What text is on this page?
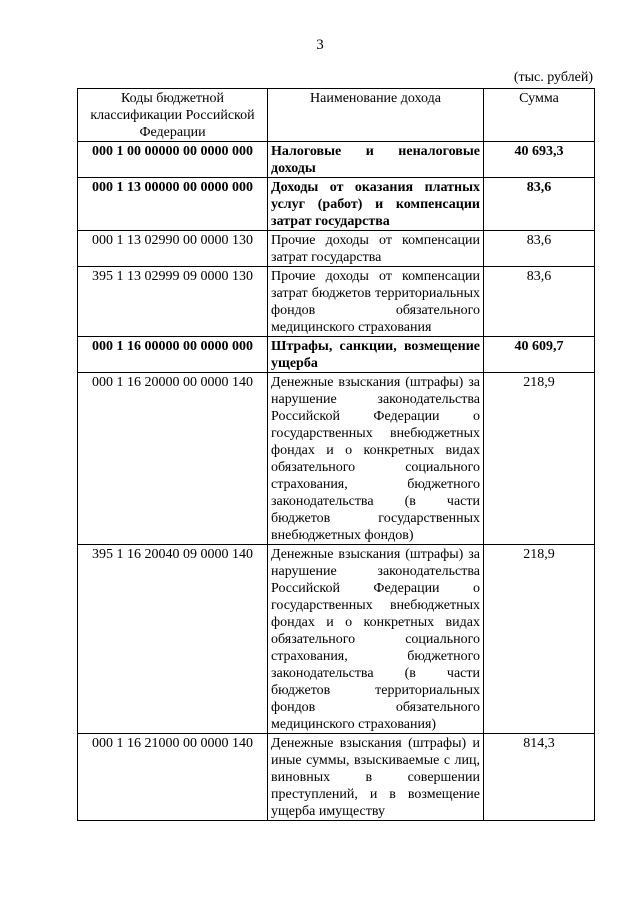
3
(тыс. рублей)
Коды бюджетной классификации Российской Федерации	Наименование дохода	Сумма
000 1 00 00000 00 0000 000	Налоговые и неналоговые доходы	40 693,3
000 1 13 00000 00 0000 000	Доходы от оказания платных услуг (работ) и компенсации затрат государства	83,6
000 1 13 02990 00 0000 130	Прочие доходы от компенсации затрат государства	83,6
395 1 13 02999 09 0000 130	Прочие доходы от компенсации затрат бюджетов территориальных фондов обязательного медицинского страхования	83,6
000 1 16 00000 00 0000 000	Штрафы, санкции, возмещение ущерба	40 609,7
000 1 16 20000 00 0000 140	Денежные взыскания (штрафы) за нарушение законодательства Российской Федерации о государственных внебюджетных фондах и о конкретных видах обязательного социального страхования, бюджетного законодательства (в части бюджетов государственных внебюджетных фондов)	218,9
395 1 16 20040 09 0000 140	Денежные взыскания (штрафы) за нарушение законодательства Российской Федерации о государственных внебюджетных фондах и о конкретных видах обязательного социального страхования, бюджетного законодательства (в части бюджетов территориальных фондов обязательного медицинского страхования)	218,9
000 1 16 21000 00 0000 140	Денежные взыскания (штрафы) и иные суммы, взыскиваемые с лиц, виновных в совершении преступлений, и в возмещение ущерба имуществу	814,3
